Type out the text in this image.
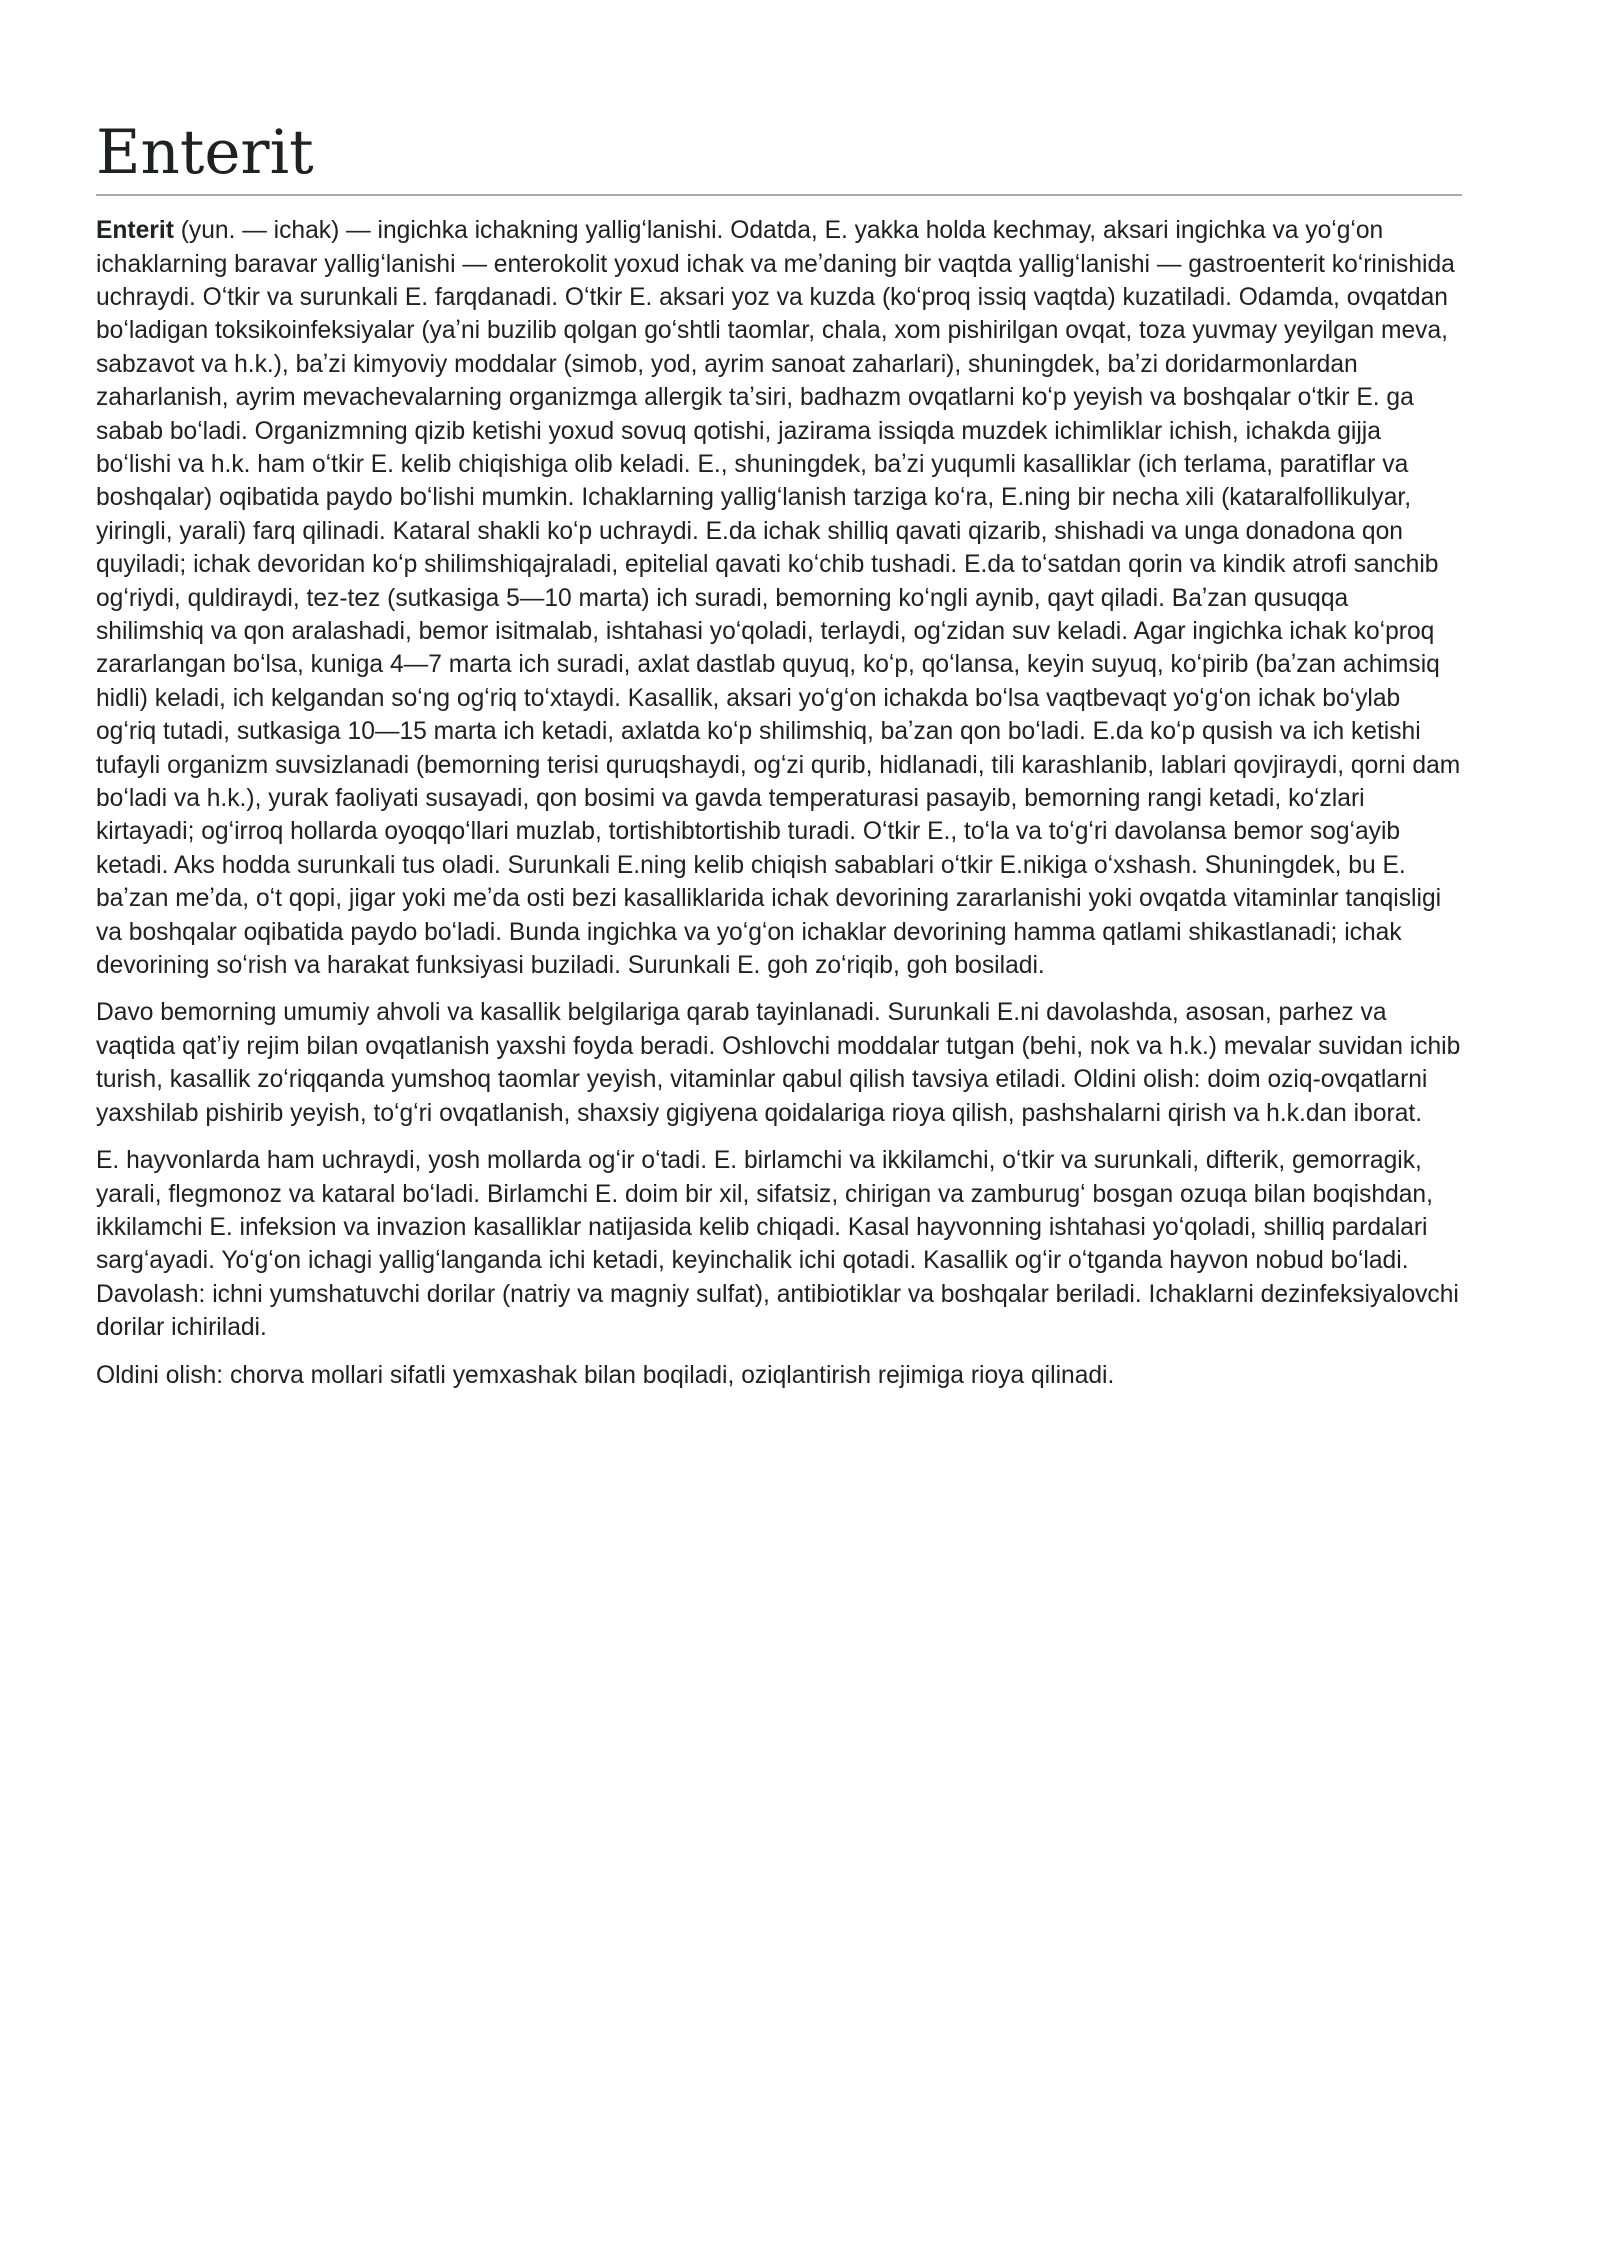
Enterit

Enterit (yun. — ichak) — ingichka ichakning yalligʻlanishi. Odatda, E. yakka holda kechmay, aksari ingichka va yoʻgʻon ichaklarning baravar yalligʻlanishi — enterokolit yoxud ichak va meʼdaning bir vaqtda yalligʻlanishi — gastroenterit koʻrinishida uchraydi. Oʻtkir va surunkali E. farqdanadi. Oʻtkir E. aksari yoz va kuzda (koʻproq issiq vaqtda) kuzatiladi. Odamda, ovqatdan boʻladigan toksikoinfeksiyalar (yaʼni buzilib qolgan goʻshtli taomlar, chala, xom pishirilgan ovqat, toza yuvmay yeyilgan meva, sabzavot va h.k.), baʼzi kimyoviy moddalar (simob, yod, ayrim sanoat zaharlari), shuningdek, baʼzi doridarmonlardan zaharlanish, ayrim mevachevalarning organizmga allergik taʼsiri, badhazm ovqatlarni koʻp yeyish va boshqalar oʻtkir E. ga sabab boʻladi. Organizmning qizib ketishi yoxud sovuq qotishi, jazirama issiqda muzdek ichimliklar ichish, ichakda gijja boʻlishi va h.k. ham oʻtkir E. kelib chiqishiga olib keladi. E., shuningdek, baʼzi yuqumli kasalliklar (ich terlama, paratiflar va boshqalar) oqibatida paydo boʻlishi mumkin. Ichaklarning yalligʻlanish tarziga koʻra, E.ning bir necha xili (kataralfollikulyar, yiringli, yarali) farq qilinadi. Kataral shakli koʻp uchraydi. E.da ichak shilliq qavati qizarib, shishadi va unga donadona qon quyiladi; ichak devoridan koʻp shilimshiqajraladi, epitelial qavati koʻchib tushadi. E.da toʻsatdan qorin va kindik atrofi sanchib ogʻriydi, quldiraydi, tez-tez (sutkasiga 5—10 marta) ich suradi, bemorning koʻngli aynib, qayt qiladi. Baʼzan qusuqqa shilimshiq va qon aralashadi, bemor isitmalab, ishtahasi yoʻqoladi, terlaydi, ogʻzidan suv keladi. Agar ingichka ichak koʻproq zararlangan boʻlsa, kuniga 4—7 marta ich suradi, axlat dastlab quyuq, koʻp, qoʻlansa, keyin suyuq, koʻpirib (baʼzan achimsiq hidli) keladi, ich kelgandan soʻng ogʻriq toʻxtaydi. Kasallik, aksari yoʻgʻon ichakda boʻlsa vaqtbevaqt yoʻgʻon ichak boʻylab ogʻriq tutadi, sutkasiga 10—15 marta ich ketadi, axlatda koʻp shilimshiq, baʼzan qon boʻladi. E.da koʻp qusish va ich ketishi tufayli organizm suvsizlanadi (bemorning terisi quruqshaydi, ogʻzi qurib, hidlanadi, tili karashlanib, lablari qovjiraydi, qorni dam boʻladi va h.k.), yurak faoliyati susayadi, qon bosimi va gavda temperaturasi pasayib, bemorning rangi ketadi, koʻzlari kirtayadi; ogʻirroq hollarda oyoqqoʻllari muzlab, tortishibtortishib turadi. Oʻtkir E., toʻla va toʻgʻri davolansa bemor sogʻayib ketadi. Aks hodda surunkali tus oladi. Surunkali E.ning kelib chiqish sabablari oʻtkir E.nikiga oʻxshash. Shuningdek, bu E. baʼzan meʼda, oʻt qopi, jigar yoki meʼda osti bezi kasalliklarida ichak devorining zararlanishi yoki ovqatda vitaminlar tanqisligi va boshqalar oqibatida paydo boʻladi. Bunda ingichka va yoʻgʻon ichaklar devorining hamma qatlami shikastlanadi; ichak devorining soʻrish va harakat funksiyasi buziladi. Surunkali E. goh zoʻriqib, goh bosiladi.

Davo bemorning umumiy ahvoli va kasallik belgilariga qarab tayinlanadi. Surunkali E.ni davolashda, asosan, parhez va vaqtida qatʼiy rejim bilan ovqatlanish yaxshi foyda beradi. Oshlovchi moddalar tutgan (behi, nok va h.k.) mevalar suvidan ichib turish, kasallik zoʻriqqanda yumshoq taomlar yeyish, vitaminlar qabul qilish tavsiya etiladi. Oldini olish: doim oziq-ovqatlarni yaxshilab pishirib yeyish, toʻgʻri ovqatlanish, shaxsiy gigiyena qoidalariga rioya qilish, pashshalarni qirish va h.k.dan iborat.

E. hayvonlarda ham uchraydi, yosh mollarda ogʻir oʻtadi. E. birlamchi va ikkilamchi, oʻtkir va surunkali, difterik, gemorragik, yarali, flegmonoz va kataral boʻladi. Birlamchi E. doim bir xil, sifatsiz, chirigan va zamburugʻ bosgan ozuqa bilan boqishdan, ikkilamchi E. infeksion va invazion kasalliklar natijasida kelib chiqadi. Kasal hayvonning ishtahasi yoʻqoladi, shilliq pardalari sargʻayadi. Yoʻgʻon ichagi yalligʻlanganda ichi ketadi, keyinchalik ichi qotadi. Kasallik ogʻir oʻtganda hayvon nobud boʻladi. Davolash: ichni yumshatuvchi dorilar (natriy va magniy sulfat), antibiotiklar va boshqalar beriladi. Ichaklarni dezinfeksiyalovchi dorilar ichiriladi.

Oldini olish: chorva mollari sifatli yemxashak bilan boqiladi, oziqlantirish rejimiga rioya qilinadi.
